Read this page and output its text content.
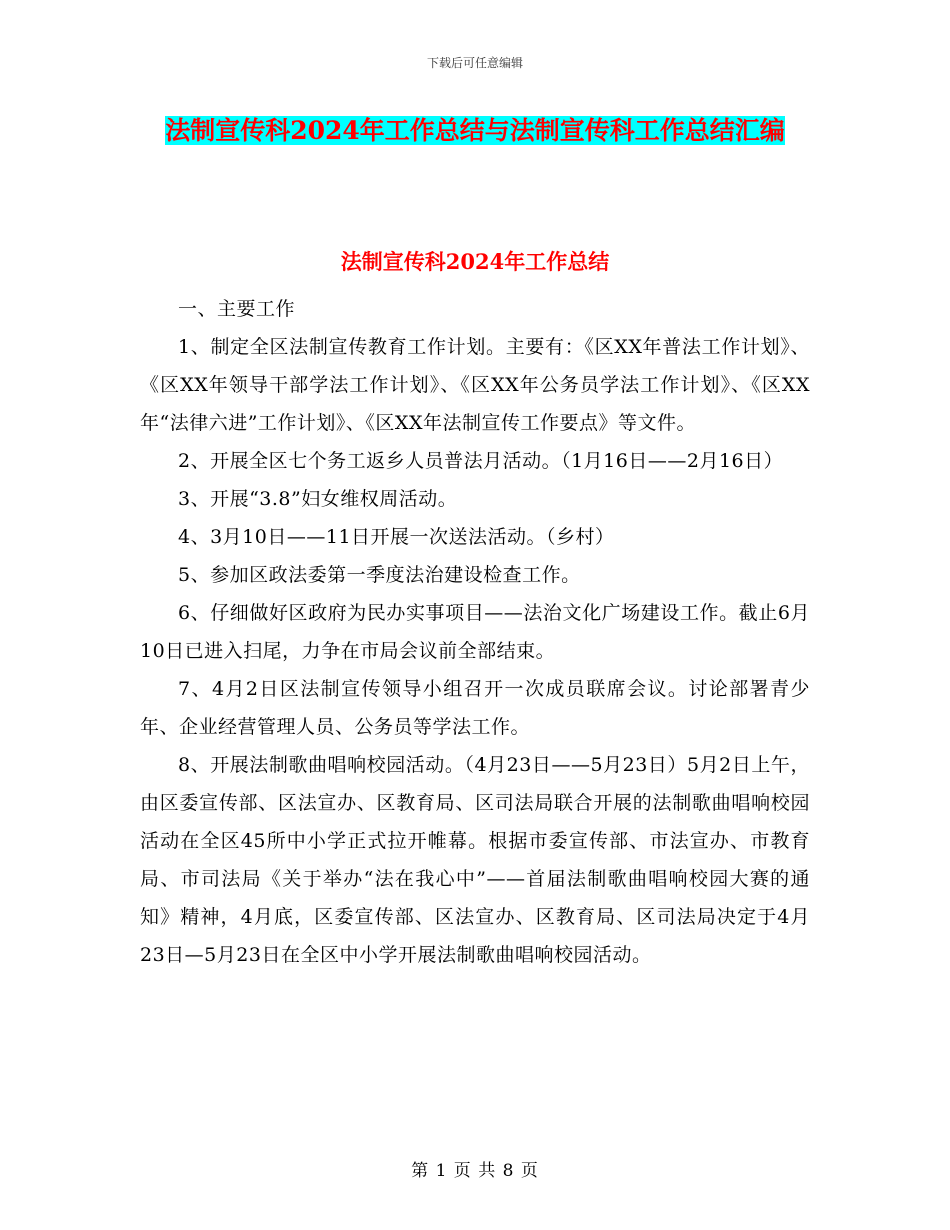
下载后可任意编辑
法制宣传科2024年工作总结与法制宣传科工作总结汇编
法制宣传科2024年工作总结

一、主要工作

1、制定全区法制宣传教育工作计划。主要有：《区XX年普法工作计划》、《区XX年领导干部学法工作计划》、《区XX年公务员学法工作计划》、《区XX年“法律六进”工作计划》、《区XX年法制宣传工作要点》等文件。

2、开展全区七个务工返乡人员普法月活动。（1月16日——2月16日）

3、开展“3.8”妇女维权周活动。

4、3月10日——11日开展一次送法活动。（乡村）

5、参加区政法委第一季度法治建设检查工作。

6、仔细做好区政府为民办实事项目——法治文化广场建设工作。截止6月10日已进入扫尾，力争在市局会议前全部结束。

7、4月2日区法制宣传领导小组召开一次成员联席会议。讨论部署青少年、企业经营管理人员、公务员等学法工作。

8、开展法制歌曲唱响校园活动。（4月23日——5月23日）5月2日上午，由区委宣传部、区法宣办、区教育局、区司法局联合开展的法制歌曲唱响校园活动在全区45所中小学正式拉开帷幕。根据市委宣传部、市法宣办、市教育局、市司法局《关于举办“法在我心中”——首届法制歌曲唱响校园大赛的通知》精神，4月底，区委宣传部、区法宣办、区教育局、区司法局决定于4月23日—5月23日在全区中小学开展法制歌曲唱响校园活动。

第 1 页 共 8 页
